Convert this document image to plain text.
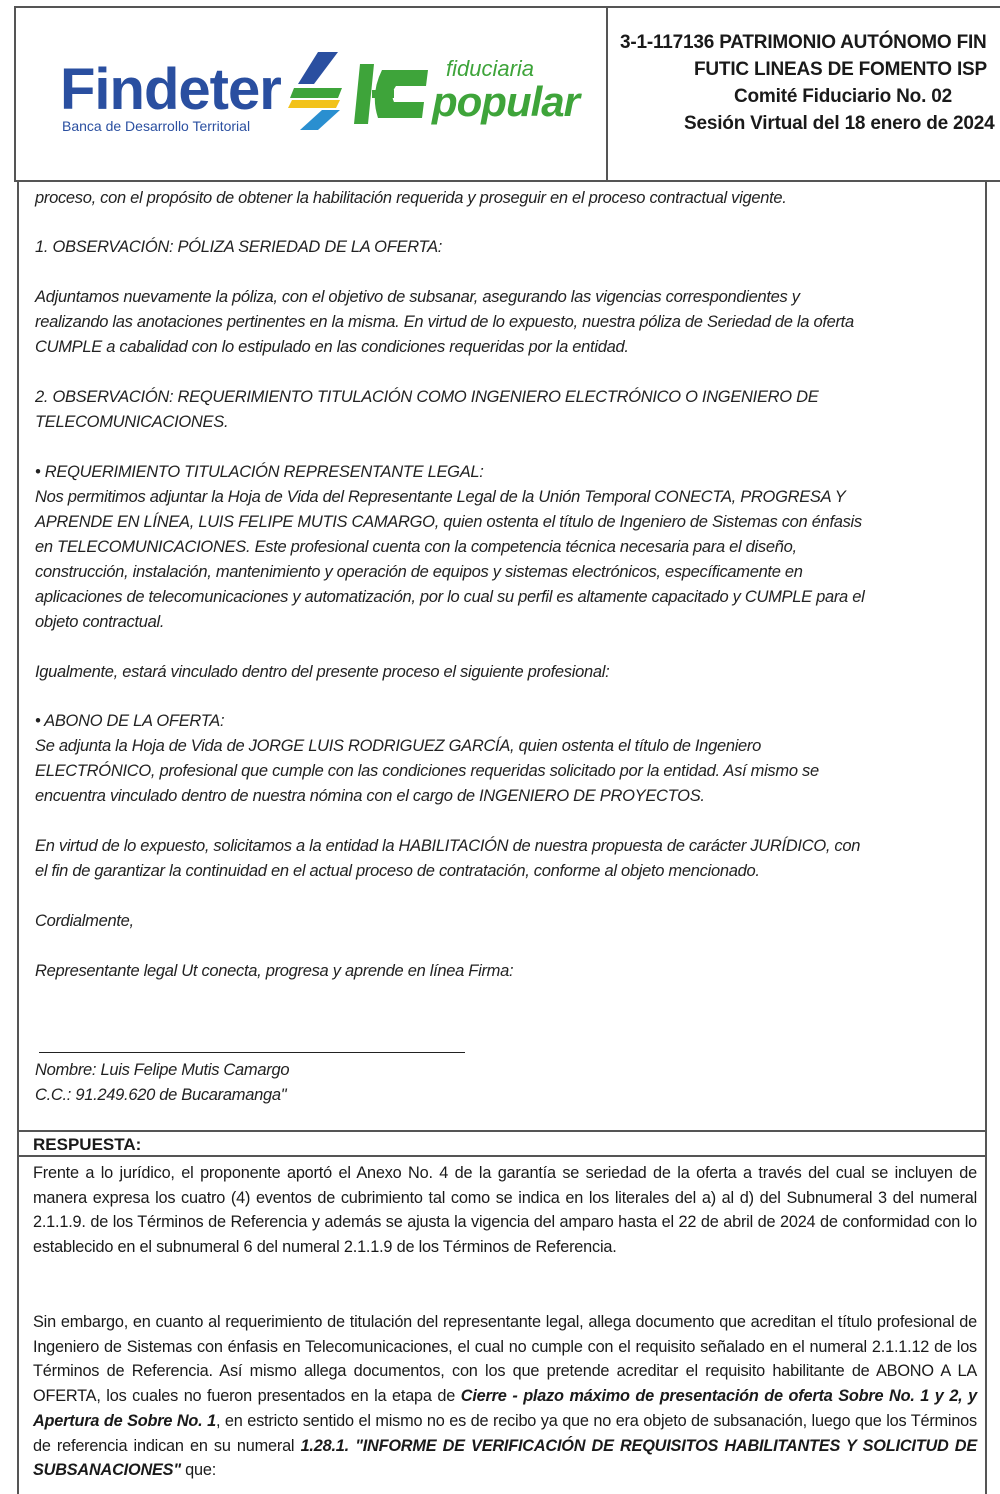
Findeter
Banca de Desarrollo Territorial
fiduciaria
popular
3-1-117136 PATRIMONIO AUTÓNOMO FIN
FUTIC LINEAS DE FOMENTO ISP
Comité Fiduciario No. 02
Sesión Virtual del 18 enero de 2024
proceso, con el propósito de obtener la habilitación requerida y proseguir en el proceso contractual vigente.
1. OBSERVACIÓN: PÓLIZA SERIEDAD DE LA OFERTA:
Adjuntamos nuevamente la póliza, con el objetivo de subsanar, asegurando las vigencias correspondientes y
realizando las anotaciones pertinentes en la misma. En virtud de lo expuesto, nuestra póliza de Seriedad de la oferta
CUMPLE a cabalidad con lo estipulado en las condiciones requeridas por la entidad.
2. OBSERVACIÓN: REQUERIMIENTO TITULACIÓN COMO INGENIERO ELECTRÓNICO O INGENIERO DE
TELECOMUNICACIONES.
• REQUERIMIENTO TITULACIÓN REPRESENTANTE LEGAL:
Nos permitimos adjuntar la Hoja de Vida del Representante Legal de la Unión Temporal CONECTA, PROGRESA Y
APRENDE EN LÍNEA, LUIS FELIPE MUTIS CAMARGO, quien ostenta el título de Ingeniero de Sistemas con énfasis
en TELECOMUNICACIONES. Este profesional cuenta con la competencia técnica necesaria para el diseño,
construcción, instalación, mantenimiento y operación de equipos y sistemas electrónicos, específicamente en
aplicaciones de telecomunicaciones y automatización, por lo cual su perfil es altamente capacitado y CUMPLE para el
objeto contractual.
Igualmente, estará vinculado dentro del presente proceso el siguiente profesional:
• ABONO DE LA OFERTA:
Se adjunta la Hoja de Vida de JORGE LUIS RODRIGUEZ GARCÍA, quien ostenta el título de Ingeniero
ELECTRÓNICO, profesional que cumple con las condiciones requeridas solicitado por la entidad. Así mismo se
encuentra vinculado dentro de nuestra nómina con el cargo de INGENIERO DE PROYECTOS.
En virtud de lo expuesto, solicitamos a la entidad la HABILITACIÓN de nuestra propuesta de carácter JURÍDICO, con
el fin de garantizar la continuidad en el actual proceso de contratación, conforme al objeto mencionado.
Cordialmente,
Representante legal Ut conecta, progresa y aprende en línea Firma:
Nombre: Luis Felipe Mutis Camargo
C.C.: 91.249.620 de Bucaramanga"
RESPUESTA:
Frente a lo jurídico, el proponente aportó el Anexo No. 4 de la garantía se seriedad de la oferta a través del cual se incluyen de manera expresa los cuatro (4) eventos de cubrimiento tal como se indica en los literales del a) al d) del Subnumeral 3 del numeral 2.1.1.9. de los Términos de Referencia y además se ajusta la vigencia del amparo hasta el 22 de abril de 2024 de conformidad con lo establecido en el subnumeral 6 del numeral 2.1.1.9 de los Términos de Referencia.
Sin embargo, en cuanto al requerimiento de titulación del representante legal, allega documento que acreditan el título profesional de Ingeniero de Sistemas con énfasis en Telecomunicaciones, el cual no cumple con el requisito señalado en el numeral 2.1.1.12 de los Términos de Referencia. Así mismo allega documentos, con los que pretende acreditar el requisito habilitante de ABONO A LA OFERTA, los cuales no fueron presentados en la etapa de Cierre - plazo máximo de presentación de oferta Sobre No. 1 y 2, y Apertura de Sobre No. 1, en estricto sentido el mismo no es de recibo ya que no era objeto de subsanación, luego que los Términos de referencia indican en su numeral 1.28.1. "INFORME DE VERIFICACIÓN DE REQUISITOS HABILITANTES Y SOLICITUD DE SUBSANACIONES" que:
